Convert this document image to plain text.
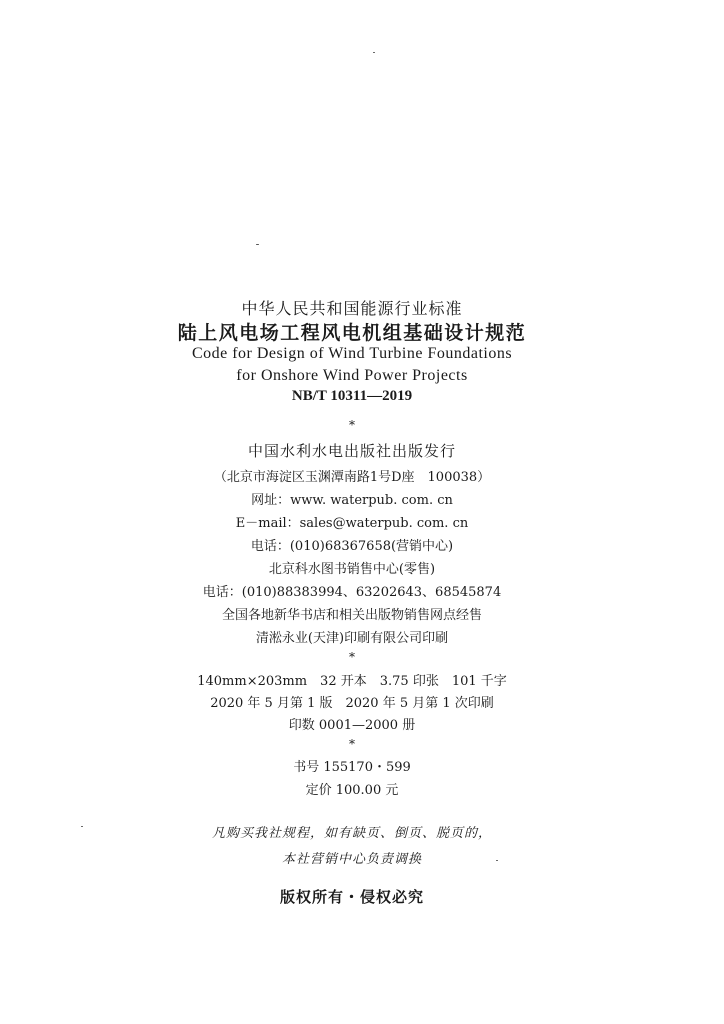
中华人民共和国能源行业标准
陆上风电场工程风电机组基础设计规范
Code for Design of Wind Turbine Foundations
for Onshore Wind Power Projects
NB/T 10311—2019
*
中国水利水电出版社出版发行
（北京市海淀区玉渊潭南路1号D座　100038）
网址：www. waterpub. com. cn
E－mail：sales@waterpub. com. cn
电话：(010)68367658(营销中心)
北京科水图书销售中心(零售)
电话：(010)88383994、63202643、68545874
全国各地新华书店和相关出版物销售网点经售
清淞永业(天津)印刷有限公司印刷
*
140mm×203mm　32 开本　3.75 印张　101 千字
2020 年 5 月第 1 版　2020 年 5 月第 1 次印刷
印数 0001—2000 册
*
书号 155170・599
定价 100.00 元
凡购买我社规程，如有缺页、倒页、脱页的，
本社营销中心负责调换
版权所有・侵权必究
